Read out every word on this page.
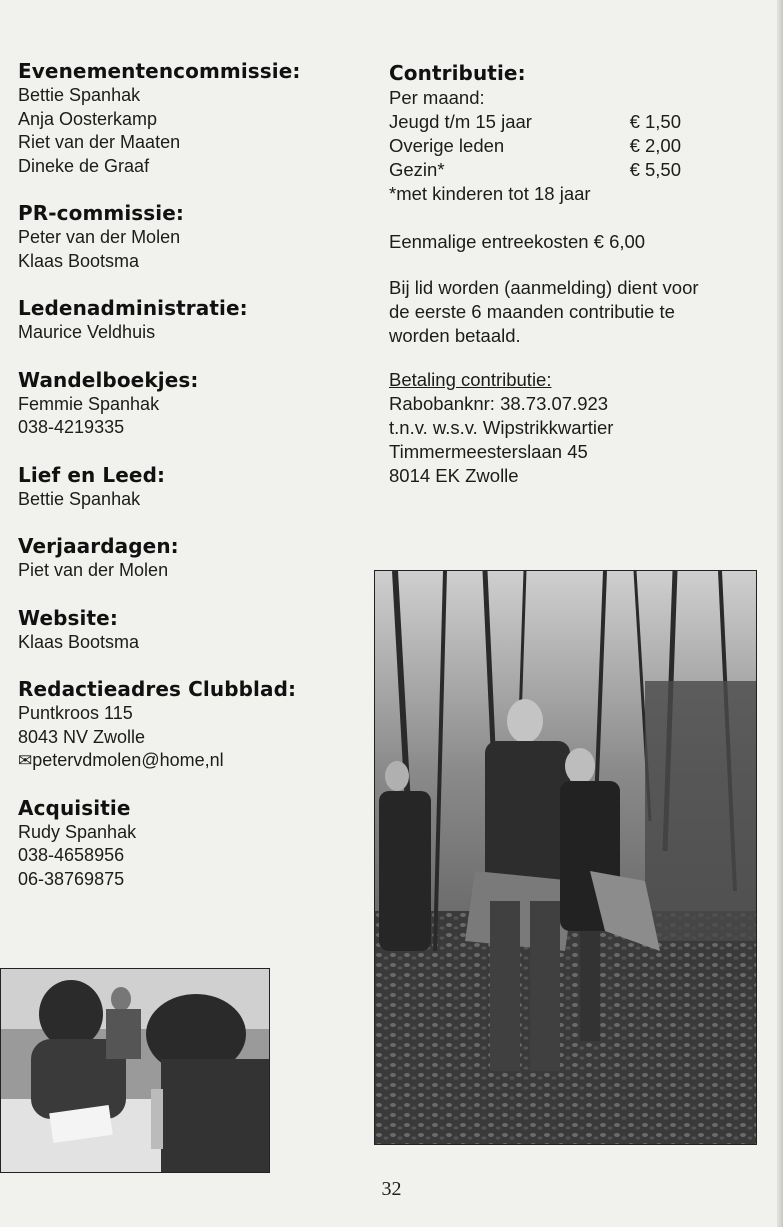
Evenementencommissie:
Bettie Spanhak
Anja Oosterkamp
Riet van der Maaten
Dineke de Graaf
PR-commissie:
Peter van der Molen
Klaas Bootsma
Ledenadministratie:
Maurice Veldhuis
Wandelboekjes:
Femmie Spanhak
038-4219335
Lief en Leed:
Bettie Spanhak
Verjaardagen:
Piet van der Molen
Website:
Klaas Bootsma
Redactieadres Clubblad:
Puntkroos 115
8043 NV Zwolle
✉petervdmolen@home,nl
Acquisitie
Rudy Spanhak
038-4658956
06-38769875
Contributie:
Per maand:
Jeugd t/m 15 jaar	€ 1,50
Overige leden	€ 2,00
Gezin*	€ 5,50
*met kinderen tot 18 jaar
Eenmalige entreekosten € 6,00
Bij lid worden (aanmelding) dient voor
de eerste 6 maanden contributie te
worden betaald.
Betaling contributie:
Rabobanknr: 38.73.07.923
t.n.v. w.s.v. Wipstrikkwartier
Timmermeesterslaan 45
8014 EK Zwolle
32
